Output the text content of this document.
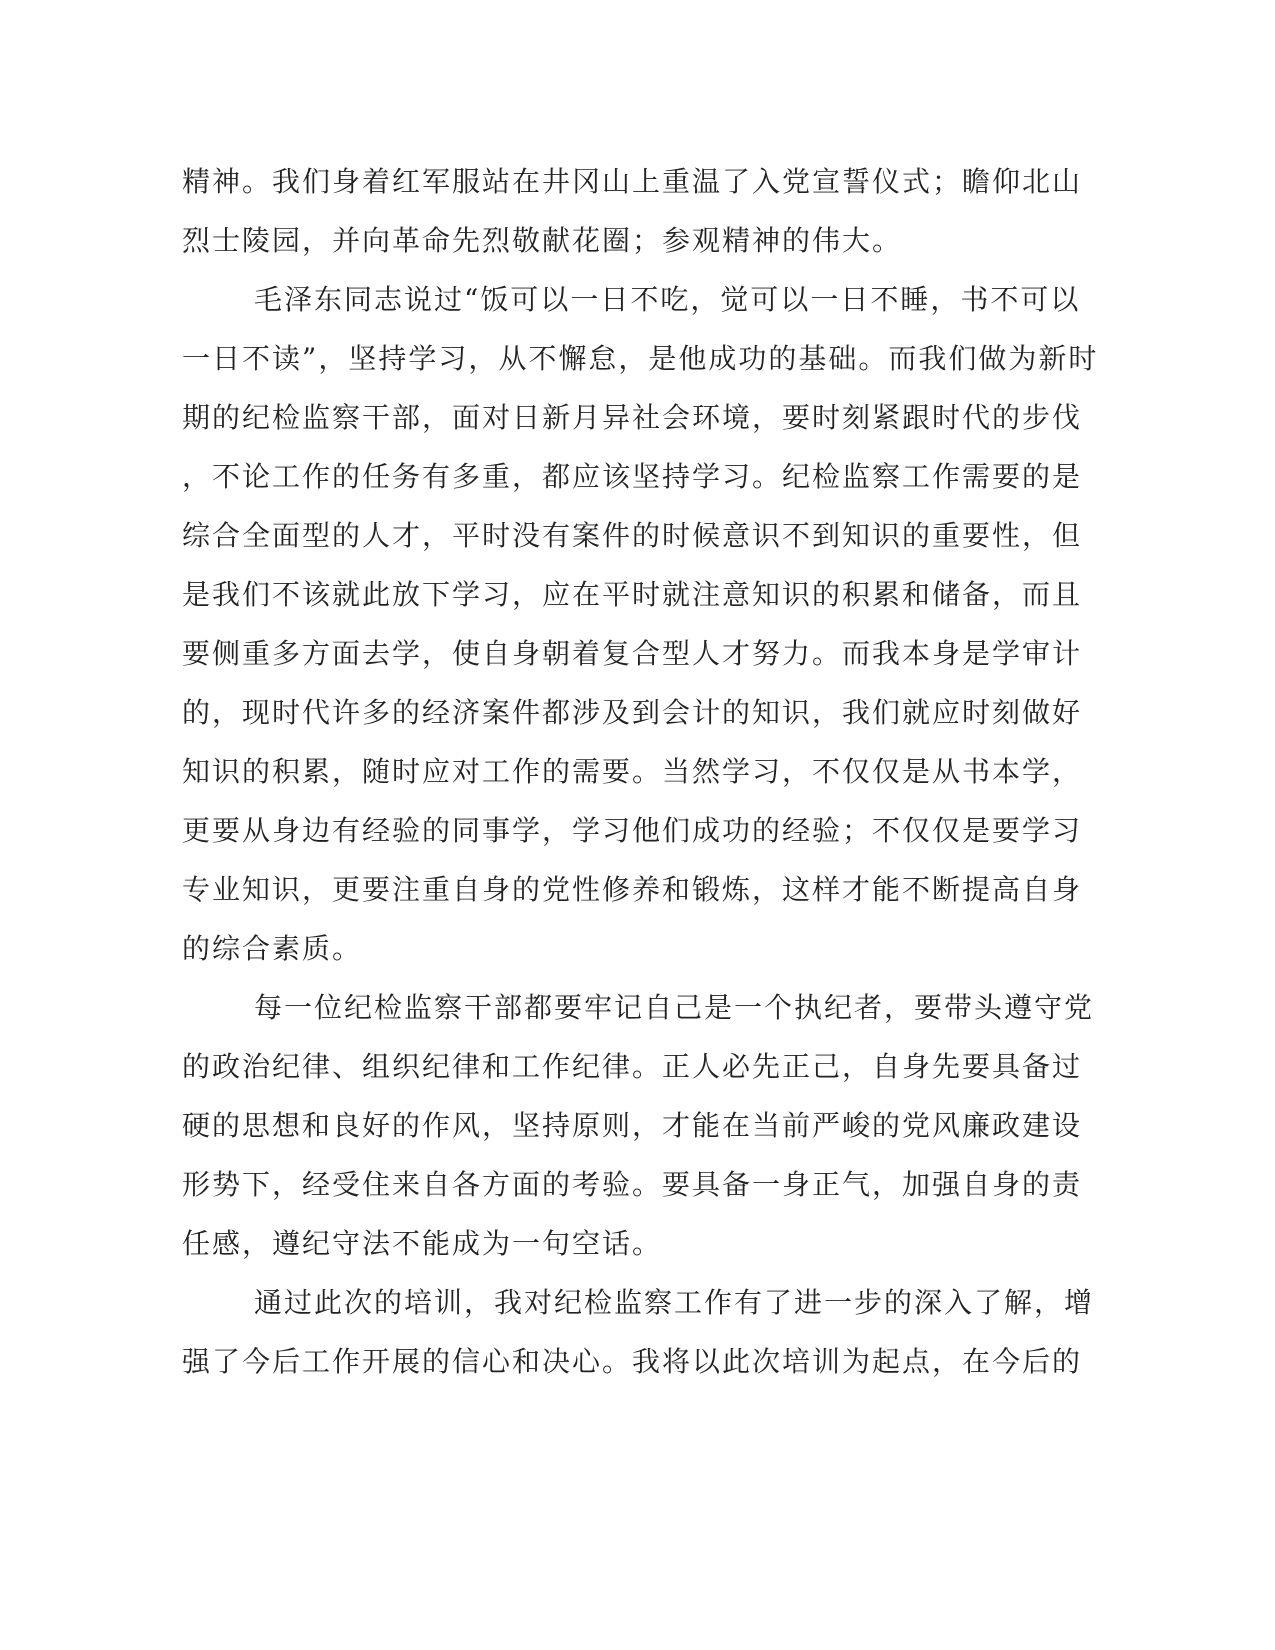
精神。我们身着红军服站在井冈山上重温了入党宣誓仪式；瞻仰北山
烈士陵园，并向革命先烈敬献花圈；参观精神的伟大。
毛泽东同志说过“饭可以一日不吃，觉可以一日不睡，书不可以
一日不读”，坚持学习，从不懈怠，是他成功的基础。而我们做为新时
期的纪检监察干部，面对日新月异社会环境，要时刻紧跟时代的步伐
，不论工作的任务有多重，都应该坚持学习。纪检监察工作需要的是
综合全面型的人才，平时没有案件的时候意识不到知识的重要性，但
是我们不该就此放下学习，应在平时就注意知识的积累和储备，而且
要侧重多方面去学，使自身朝着复合型人才努力。而我本身是学审计
的，现时代许多的经济案件都涉及到会计的知识，我们就应时刻做好
知识的积累，随时应对工作的需要。当然学习，不仅仅是从书本学，
更要从身边有经验的同事学，学习他们成功的经验；不仅仅是要学习
专业知识，更要注重自身的党性修养和锻炼，这样才能不断提高自身
的综合素质。
每一位纪检监察干部都要牢记自己是一个执纪者，要带头遵守党
的政治纪律、组织纪律和工作纪律。正人必先正己，自身先要具备过
硬的思想和良好的作风，坚持原则，才能在当前严峻的党风廉政建设
形势下，经受住来自各方面的考验。要具备一身正气，加强自身的责
任感，遵纪守法不能成为一句空话。
通过此次的培训，我对纪检监察工作有了进一步的深入了解，增
强了今后工作开展的信心和决心。我将以此次培训为起点，在今后的
